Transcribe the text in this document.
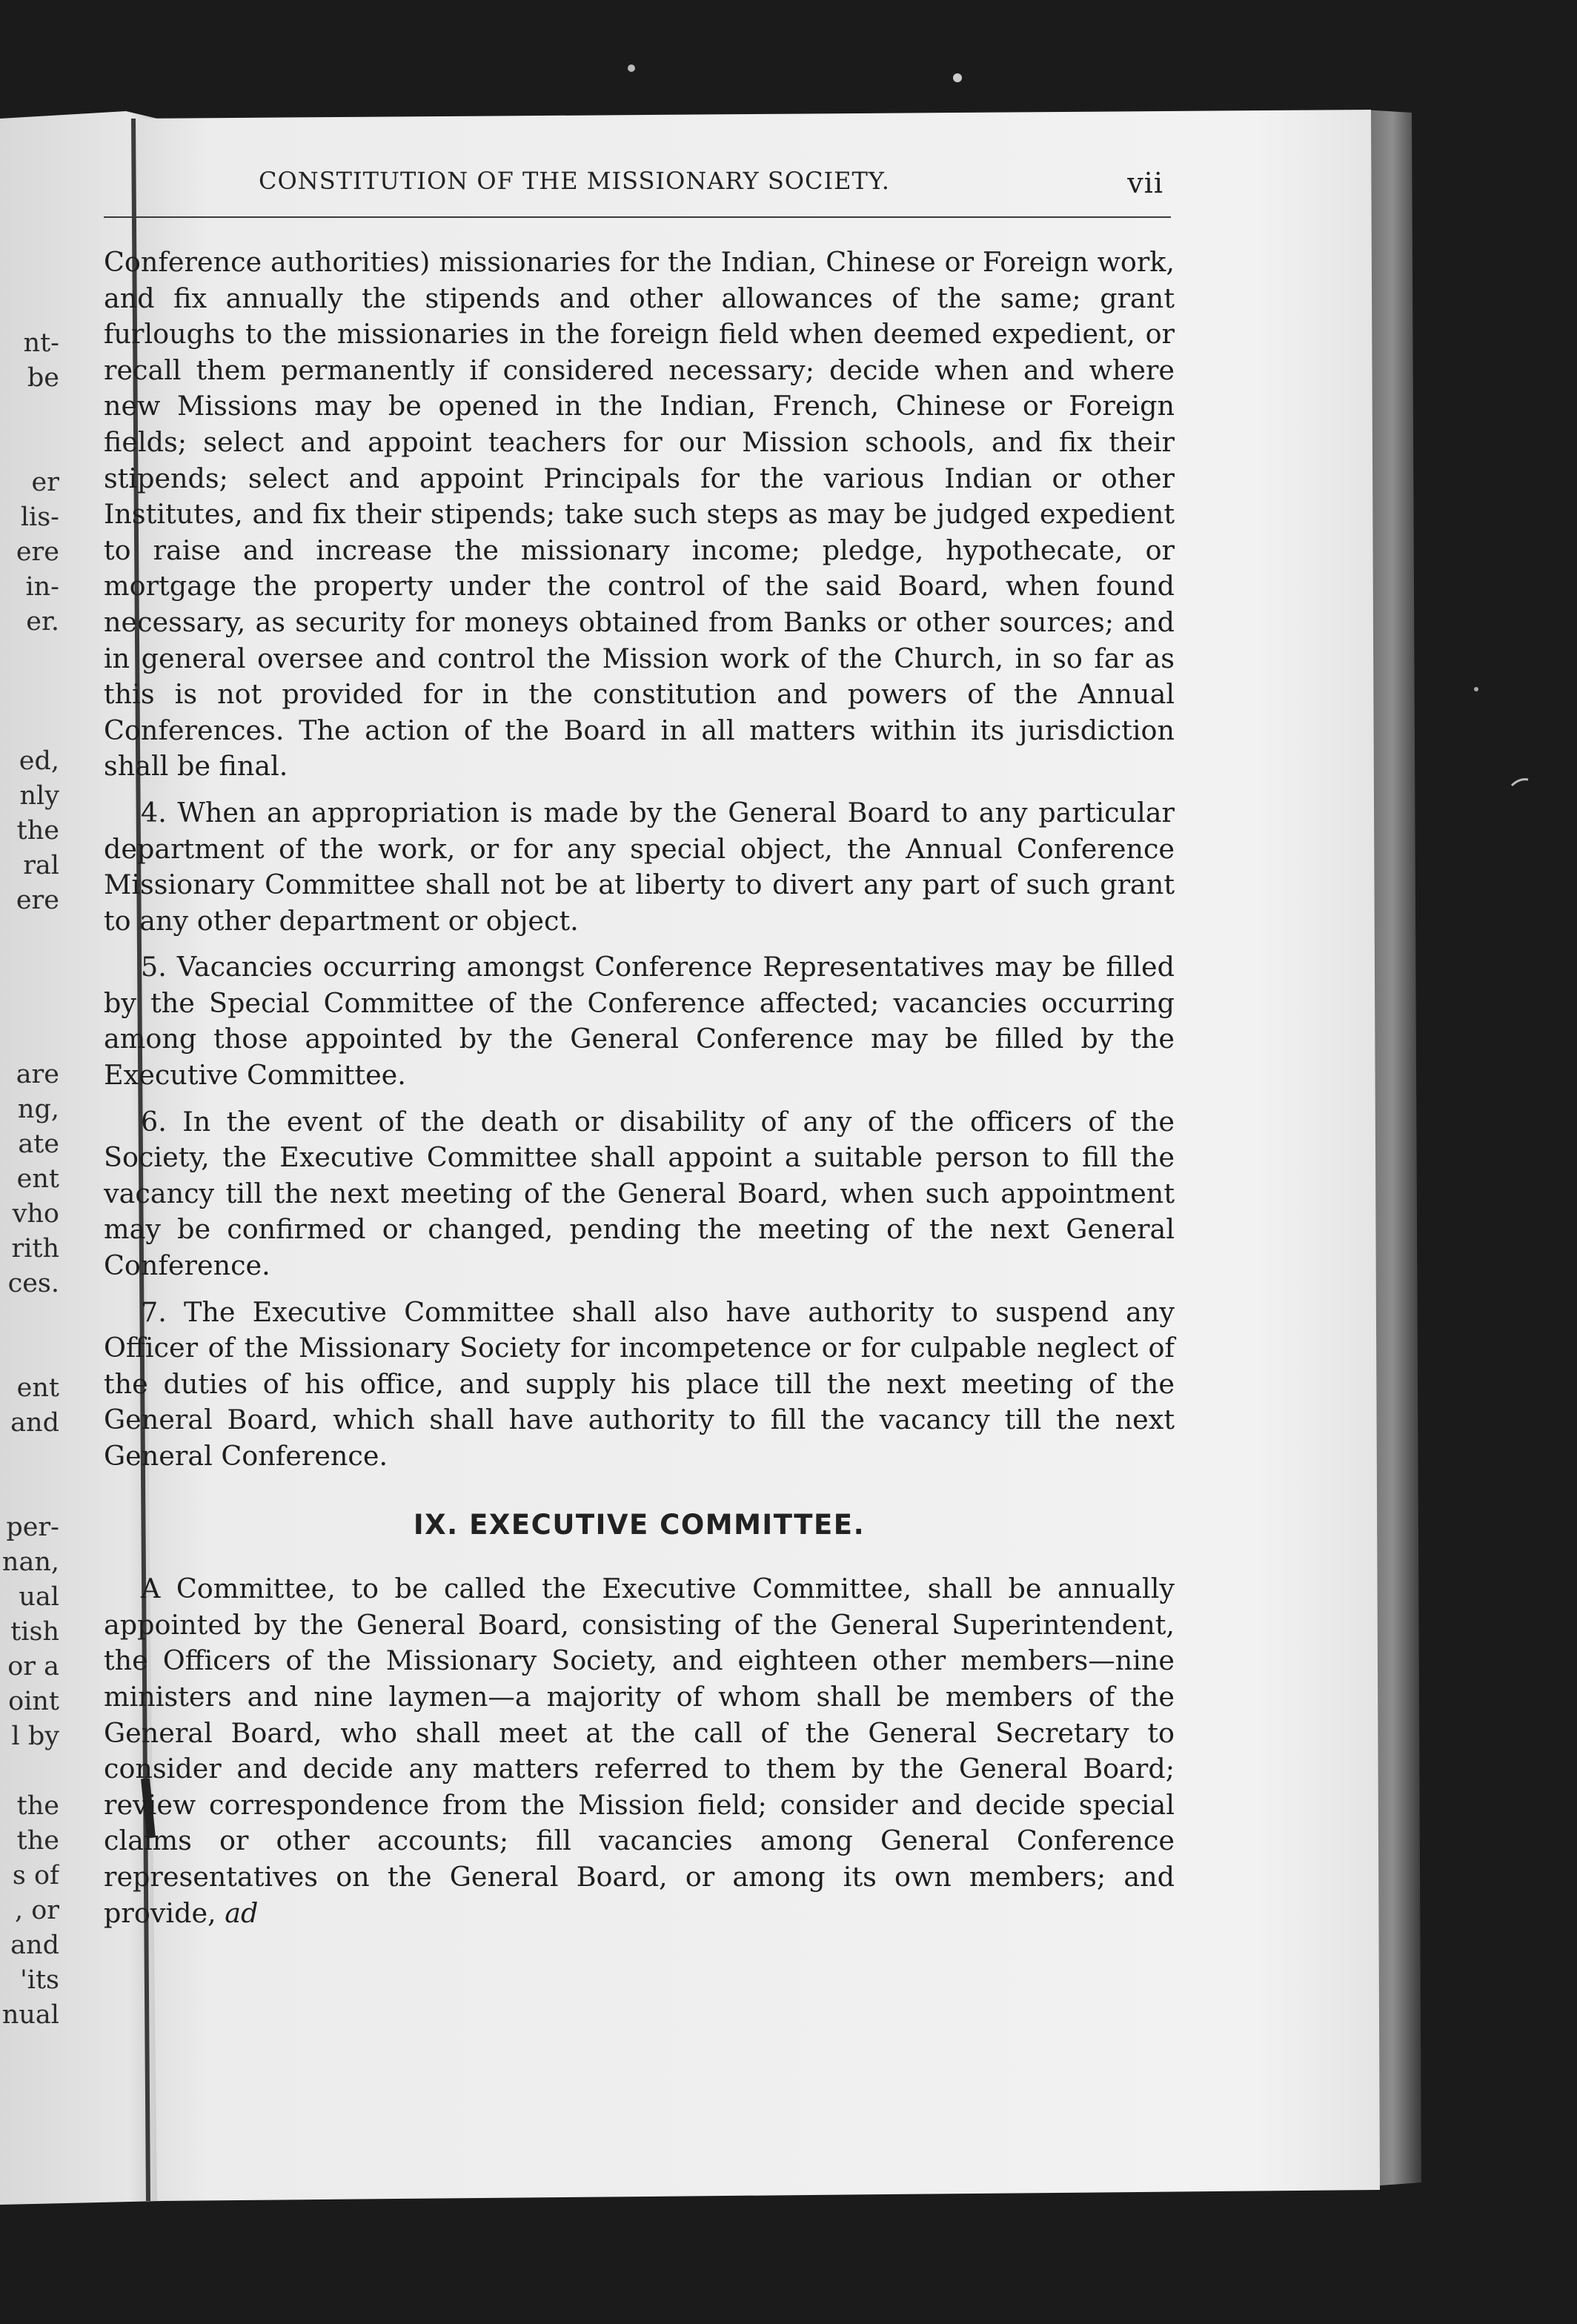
nt-
be
er
lis-
ere
in-
er.
ed,
nly
the
ral
ere
are
ng,
ate
ent
vho
rith
ces.
ent
and
per-
nan,
ual
tish
or a
oint
l by
the
the
s of
, or
and
'its
nual
CONSTITUTION OF THE MISSIONARY SOCIETY.	vii

Conference authorities) missionaries for the Indian, Chinese or Foreign work, and fix annually the stipends and other allowances of the same; grant furloughs to the missionaries in the foreign field when deemed expedient, or recall them permanently if considered necessary; decide when and where new Missions may be opened in the Indian, French, Chinese or Foreign fields; select and appoint teachers for our Mission schools, and fix their stipends; select and appoint Principals for the various Indian or other Institutes, and fix their stipends; take such steps as may be judged expedient to raise and increase the missionary income; pledge, hypothecate, or mortgage the property under the control of the said Board, when found necessary, as security for moneys obtained from Banks or other sources; and in general oversee and control the Mission work of the Church, in so far as this is not provided for in the constitution and powers of the Annual Conferences. The action of the Board in all matters within its jurisdiction shall be final.

4. When an appropriation is made by the General Board to any particular department of the work, or for any special object, the Annual Conference Missionary Committee shall not be at liberty to divert any part of such grant to any other department or object.

5. Vacancies occurring amongst Conference Representatives may be filled by the Special Committee of the Conference affected; vacancies occurring among those appointed by the General Conference may be filled by the Executive Committee.

6. In the event of the death or disability of any of the officers of the Society, the Executive Committee shall appoint a suitable person to fill the vacancy till the next meeting of the General Board, when such appointment may be confirmed or changed, pending the meeting of the next General Conference.

7. The Executive Committee shall also have authority to suspend any Officer of the Missionary Society for incompetence or for culpable neglect of the duties of his office, and supply his place till the next meeting of the General Board, which shall have authority to fill the vacancy till the next General Conference.

IX. EXECUTIVE COMMITTEE.

A Committee, to be called the Executive Committee, shall be annually appointed by the General Board, consisting of the General Superintendent, the Officers of the Missionary Society, and eighteen other members—nine ministers and nine laymen—a majority of whom shall be members of the General Board, who shall meet at the call of the General Secretary to consider and decide any matters referred to them by the General Board; review correspondence from the Mission field; consider and decide special claims or other accounts; fill vacancies among General Conference representatives on the General Board, or among its own members; and provide, ad
